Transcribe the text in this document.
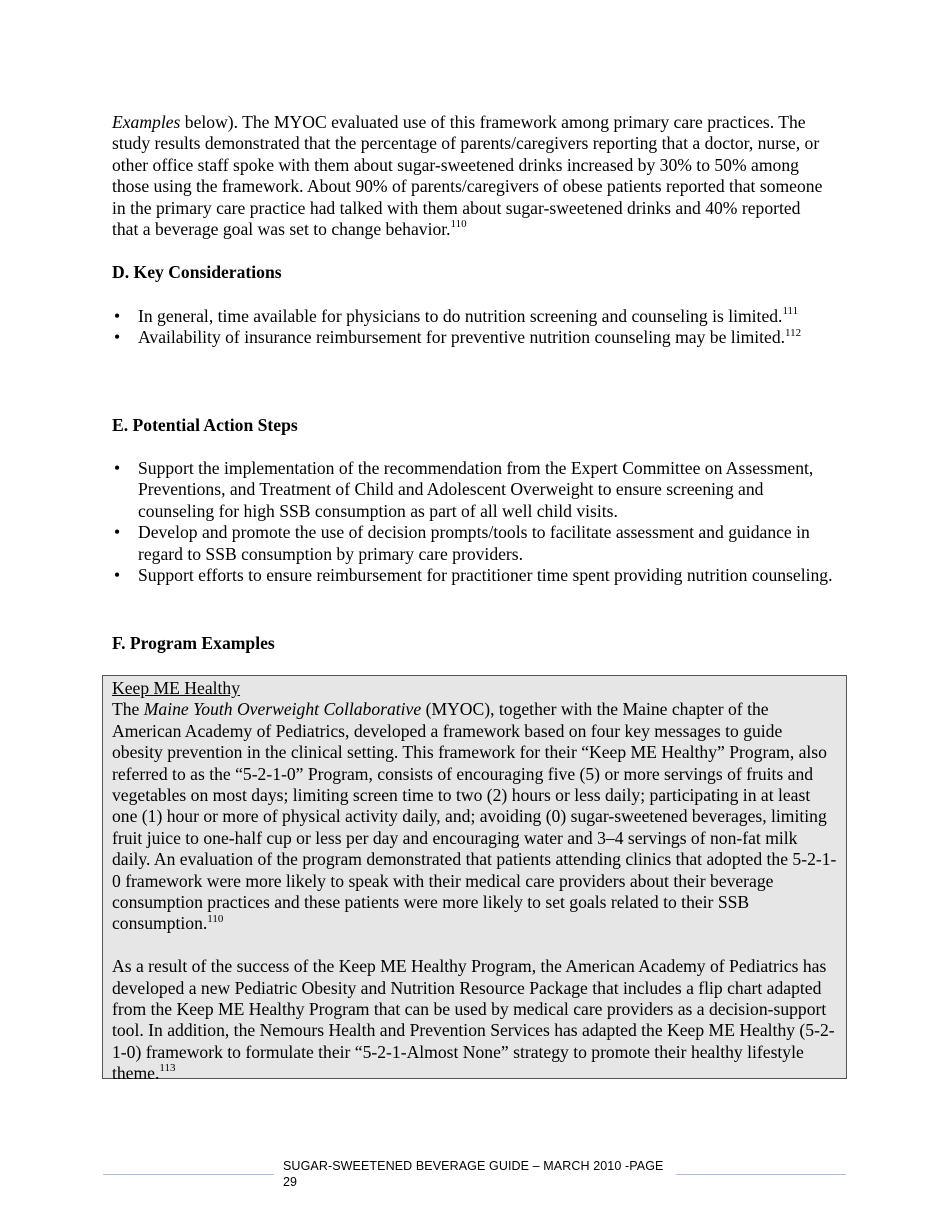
Examples below). The MYOC evaluated use of this framework among primary care practices. The study results demonstrated that the percentage of parents/caregivers reporting that a doctor, nurse, or other office staff spoke with them about sugar-sweetened drinks increased by 30% to 50% among those using the framework. About 90% of parents/caregivers of obese patients reported that someone in the primary care practice had talked with them about sugar-sweetened drinks and 40% reported that a beverage goal was set to change behavior.$^{110}$

D. Key Considerations
• In general, time available for physicians to do nutrition screening and counseling is limited.$^{111}$
• Availability of insurance reimbursement for preventive nutrition counseling may be limited.$^{112}$
E. Potential Action Steps
• Support the implementation of the recommendation from the Expert Committee on Assessment, Preventions, and Treatment of Child and Adolescent Overweight to ensure screening and counseling for high SSB consumption as part of all well child visits.
• Develop and promote the use of decision prompts/tools to facilitate assessment and guidance in regard to SSB consumption by primary care providers.
• Support efforts to ensure reimbursement for practitioner time spent providing nutrition counseling.
F. Program Examples

Keep ME Healthy

The Maine Youth Overweight Collaborative (MYOC), together with the Maine chapter of the American Academy of Pediatrics, developed a framework based on four key messages to guide obesity prevention in the clinical setting. This framework for their “Keep ME Healthy” Program, also referred to as the “5-2-1-0” Program, consists of encouraging five (5) or more servings of fruits and vegetables on most days; limiting screen time to two (2) hours or less daily; participating in at least one (1) hour or more of physical activity daily, and; avoiding (0) sugar-sweetened beverages, limiting fruit juice to one-half cup or less per day and encouraging water and 3–4 servings of non-fat milk daily. An evaluation of the program demonstrated that patients attending clinics that adopted the 5-2-1-0 framework were more likely to speak with their medical care providers about their beverage consumption practices and these patients were more likely to set goals related to their SSB consumption.$^{110}$

As a result of the success of the Keep ME Healthy Program, the American Academy of Pediatrics has developed a new Pediatric Obesity and Nutrition Resource Package that includes a flip chart adapted from the Keep ME Healthy Program that can be used by medical care providers as a decision-support tool. In addition, the Nemours Health and Prevention Services has adapted the Keep ME Healthy (5-2-1-0) framework to formulate their “5-2-1-Almost None” strategy to promote their healthy lifestyle theme.$^{113}$

SUGAR-SWEETENED BEVERAGE GUIDE – MARCH 2010 -PAGE
29
